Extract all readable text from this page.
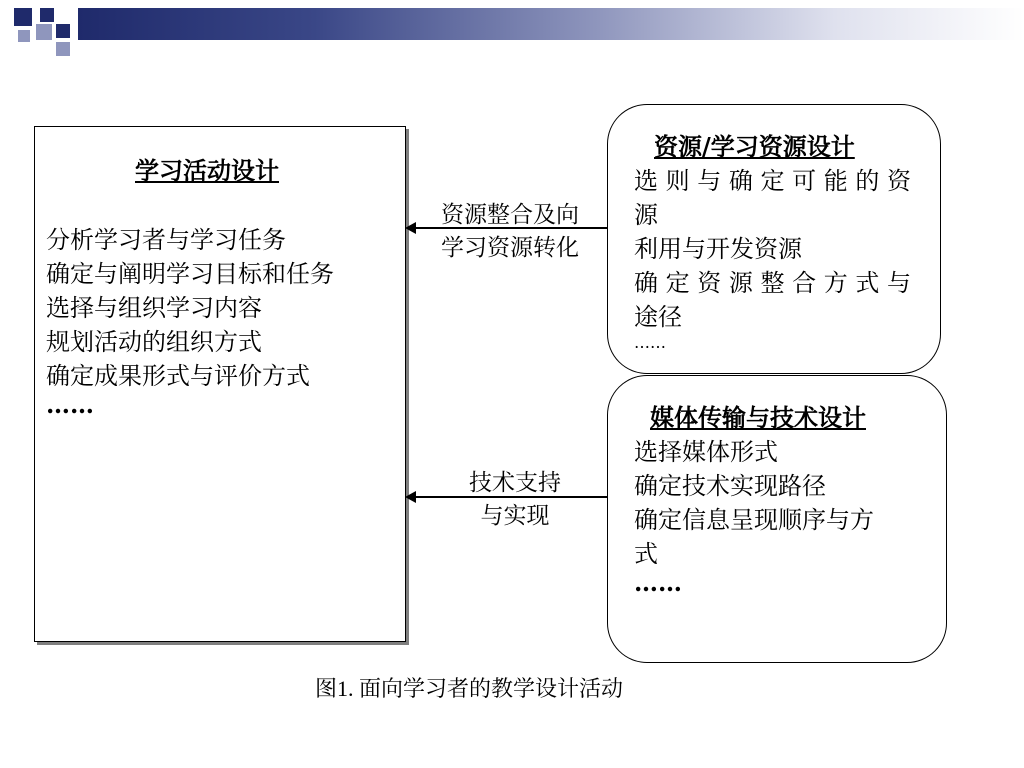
学习活动设计
分析学习者与学习任务
确定与阐明学习目标和任务
选择与组织学习内容
规划活动的组织方式
确定成果形式与评价方式
……
资源/学习资源设计
选 则 与 确 定 可 能 的 资
源
利用与开发资源
确 定 资 源 整 合 方 式 与
途径
……
媒体传输与技术设计
选择媒体形式
确定技术实现路径
确定信息呈现顺序与方
式
……
资源整合及向
学习资源转化
技术支持
与实现
图1. 面向学习者的教学设计活动
